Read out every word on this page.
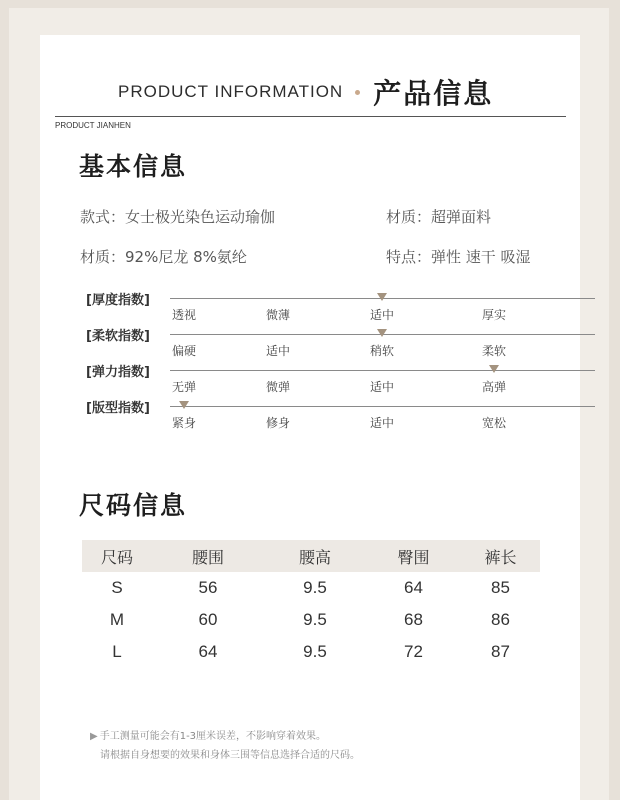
PRODUCT INFORMATION 产品信息
PRODUCT JIANHEN
基本信息
款式：女士极光染色运动瑜伽	材质：超弹面料
材质：92%尼龙 8%氨纶	特点：弹性 速干 吸湿
[厚度指数]
透视	微薄	适中	厚实
[柔软指数]
偏硬	适中	稍软	柔软
[弹力指数]
无弹	微弹	适中	高弹
[版型指数]
紧身	修身	适中	宽松
尺码信息
尺码	腰围	腰高	臀围	裤长
S	56	9.5	64	85
M	60	9.5	68	86
L	64	9.5	72	87
▶ 手工测量可能会有1-3厘米误差，不影响穿着效果。
请根据自身想要的效果和身体三围等信息选择合适的尺码。
